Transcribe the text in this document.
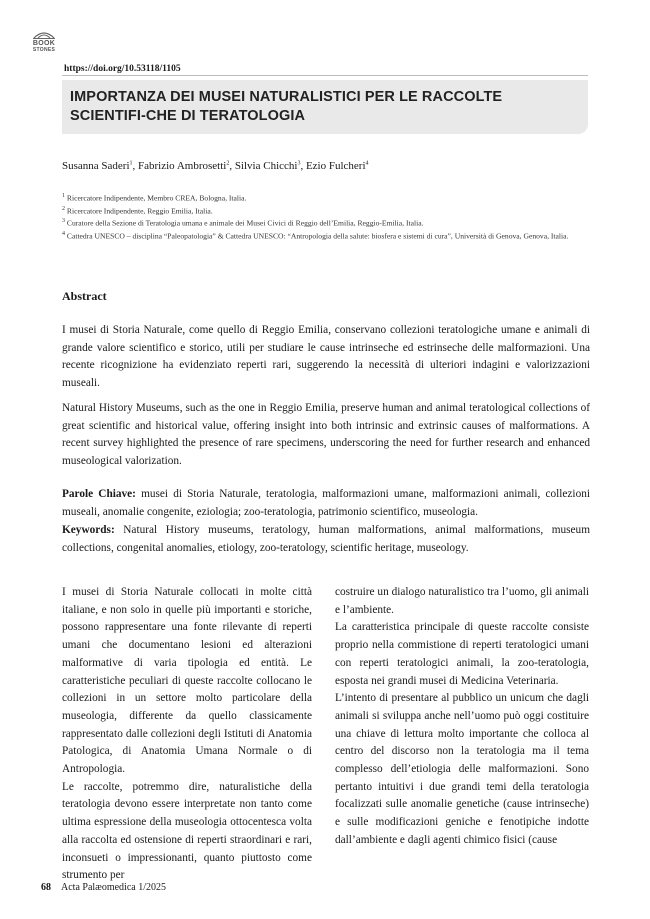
BOOK
STONES
https://doi.org/10.53118/1105
IMPORTANZA DEI MUSEI NATURALISTICI PER LE RACCOLTE SCIENTIFI-CHE DI TERATOLOGIA
Susanna Saderi$^1$, Fabrizio Ambrosetti$^2$, Silvia Chicchi$^3$, Ezio Fulcheri$^4$
$^1$ Ricercatore Indipendente, Membro CREA, Bologna, Italia.
$^2$ Ricercatore Indipendente, Reggio Emilia, Italia.
$^3$ Curatore della Sezione di Teratologia umana e animale dei Musei Civici di Reggio dell’Emilia, Reggio-Emilia, Italia.
$^4$ Cattedra UNESCO – disciplina “Paleopatologia” & Cattedra UNESCO: “Antropologia della salute: biosfera e sistemi di cura”, Università di Genova, Genova, Italia.
Abstract

I musei di Storia Naturale, come quello di Reggio Emilia, conservano collezioni teratologiche umane e animali di grande valore scientifico e storico, utili per studiare le cause intrinseche ed estrinseche delle malformazioni. Una recente ricognizione ha evidenziato reperti rari, suggerendo la necessità di ulteriori indagini e valorizzazioni museali.

Natural History Museums, such as the one in Reggio Emilia, preserve human and animal teratological collections of great scientific and historical value, offering insight into both intrinsic and extrinsic causes of malformations. A recent survey highlighted the presence of rare specimens, underscoring the need for further research and enhanced museological valorization.

Parole Chiave: musei di Storia Naturale, teratologia, malformazioni umane, malformazioni animali, collezioni museali, anomalie congenite, eziologia; zoo-teratologia, patrimonio scientifico, museologia.

Keywords: Natural History museums, teratology, human malformations, animal malformations, museum collections, congenital anomalies, etiology, zoo-teratology, scientific heritage, museology.

I musei di Storia Naturale collocati in molte città italiane, e non solo in quelle più importanti e storiche, possono rappresentare una fonte rilevante di reperti umani che documentano lesioni ed alterazioni malformative di varia tipologia ed entità. Le caratteristiche peculiari di queste raccolte collocano le collezioni in un settore molto particolare della museologia, differente da quello classicamente rappresentato dalle collezioni degli Istituti di Anatomia Patologica, di Anatomia Umana Normale o di Antropologia.

Le raccolte, potremmo dire, naturalistiche della teratologia devono essere interpretate non tanto come ultima espressione della museologia ottocentesca volta alla raccolta ed ostensione di reperti straordinari e rari, inconsueti o impressionanti, quanto piuttosto come strumento per

costruire un dialogo naturalistico tra l’uomo, gli animali e l’ambiente.

La caratteristica principale di queste raccolte consiste proprio nella commistione di reperti teratologici umani con reperti teratologici animali, la zoo-teratologia, esposta nei grandi musei di Medicina Veterinaria.

L’intento di presentare al pubblico un unicum che dagli animali si sviluppa anche nell’uomo può oggi costituire una chiave di lettura molto importante che colloca al centro del discorso non la teratologia ma il tema complesso dell’etiologia delle malformazioni. Sono pertanto intuitivi i due grandi temi della teratologia focalizzati sulle anomalie genetiche (cause intrinseche) e sulle modificazioni geniche e fenotipiche indotte dall’ambiente e dagli agenti chimico fisici (cause

68 Acta Palæomedica 1/2025
